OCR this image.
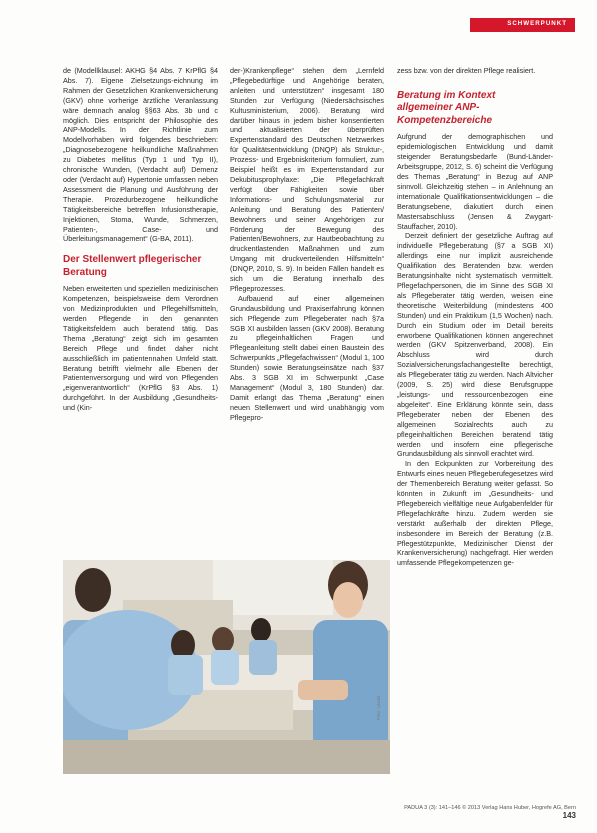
SCHWERPUNKT

de (Modellklausel: AKHG §4 Abs. 7 KrPflG §4 Abs. 7). Eigene Zielsetzungs-eichnung im Rahmen der Gesetzlichen Krankenversicherung (GKV) ohne vorherige ärztliche Veranlassung wäre demnach analog §§63 Abs. 3b und c möglich. Dies entspricht der Philosophie des ANP-Modells. In der Richtlinie zum Modellvorhaben wird folgendes beschrieben: „Diagnosebezogene heilkundliche Maßnahmen zu Diabetes mellitus (Typ 1 und Typ II), chronische Wunden, (Verdacht auf) Demenz oder (Verdacht auf) Hypertonie umfassen neben Assessment die Planung und Ausführung der Therapie. Prozedurbezogene heilkundliche Tätigkeitsbereiche betreffen Infusionstherapie, Injektionen, Stoma, Wunde, Schmerzen, Patienten-, Case- und Überleitungsmanagement“ (G-BA, 2011).

Der Stellenwert pflegerischer Beratung

Neben erweiterten und speziellen medizinischen Kompetenzen, beispielsweise dem Verordnen von Medizinprodukten und Pflegehilfsmitteln, werden Pflegende in den genannten Tätigkeitsfeldern auch beratend tätig. Das Thema „Beratung“ zeigt sich im gesamten Bereich Pflege und findet daher nicht ausschließlich im patientennahen Umfeld statt. Beratung betrifft vielmehr alle Ebenen der Patientenversorgung und wird von Pflegenden „eigenverantwortlich“ (KrPflG §3 Abs. 1) durchgeführt. In der Ausbildung „Gesundheits- und (Kin-

der-)Krankenpflege“ stehen dem „Lernfeld „Pflegebedürftige und Angehörige beraten, anleiten und unterstützen“ insgesamt 180 Stunden zur Verfügung (Niedersächsisches Kultusministerium, 2006). Beratung wird darüber hinaus in jedem bisher konsentierten und aktualisierten der überprüften Expertenstandard des Deutschen Netzwerkes für Qualitätsentwicklung (DNQP) als Struktur-, Prozess- und Ergebniskriterium formuliert, zum Beispiel heißt es im Expertenstandard zur Dekubitusprophylaxe: „Die Pflegefachkraft verfügt über Fähigkeiten sowie über Informations- und Schulungsmaterial zur Anleitung und Beratung des Patienten/ Bewohners und seiner Angehörigen zur Förderung der Bewegung des Patienten/Bewohners, zur Hautbeobachtung zu druckentlastenden Maßnahmen und zum Umgang mit druckverteilenden Hilfsmitteln“ (DNQP, 2010, S. 9). In beiden Fällen handelt es sich um die Beratung innerhalb des Pflegeprozesses.

Aufbauend auf einer allgemeinen Grundausbildung und Praxiserfahrung können sich Pflegende zum Pflegeberater nach §7a SGB XI ausbilden lassen (GKV 2008). Beratung zu pflegeinhaltlichen Fragen und Pflegeanleitung stellt dabei einen Baustein des Schwerpunkts „Pflegefachwissen“ (Modul 1, 100 Stunden) sowie Beratungseinsätze nach §37 Abs. 3 SGB XI im Schwerpunkt „Case Management“ (Modul 3, 180 Stunden) dar. Damit erlangt das Thema „Beratung“ einen neuen Stellenwert und wird unabhängig vom Pflegepro-

zess bzw. von der direkten Pflege realisiert.

Beratung im Kontext allgemeiner ANP-Kompetenzbereiche

Aufgrund der demographischen und epidemiologischen Entwicklung und damit steigender Beratungsbedarfe (Bund-Länder-Arbeitsgruppe, 2012, S. 6) scheint die Verfügung des Themas „Beratung“ in Bezug auf ANP sinnvoll. Gleichzeitig stehen – in Anlehnung an internationale Qualifikationsentwicklungen – die Beratungsebene, diakutiert durch einen Mastersabschluss (Jensen & Zwygart-Stauffacher, 2010).

Derzeit definiert der gesetzliche Auftrag auf individuelle Pflegeberatung (§7 a SGB XI) allerdings eine nur implizit ausreichende Qualifikation des Beratenden bzw. werden Beratungsinhalte nicht systematisch vermittelt. Pflegefachpersonen, die im Sinne des SGB XI als Pflegeberater tätig werden, weisen eine theoretische Weiterbildung (mindestens 400 Stunden) und ein Praktikum (1,5 Wochen) nach. Durch ein Studium oder im Detail bereits erworbene Qualifikationen können angerechnet werden (GKV Spitzenverband, 2008). Ein Abschluss wird durch Sozialversicherungsfachangestellte berechtigt, als Pflegeberater tätig zu werden. Nach Altvicher (2009, S. 25) wird diese Berufsgruppe „leistungs- und ressourcenbezogen eine abgeleitet“. Eine Erklärung könnte sein, dass Pflegeberater neben der Ebenen des allgemeinen Sozialrechts auch zu pflegeinhaltlichen Bereichen beratend tätig werden und insofern eine pflegerische Grundausbildung als sinnvoll erachtet wird.

In den Eckpunkten zur Vorbereitung des Entwurfs eines neuen Pflegeberufegesetzes wird der Themenbereich Beratung weiter gefasst. So könnten in Zukunft im „Gesundheits- und Pflegebereich vielfältige neue Aufgabenfelder für Pflegefachkräfte hinzu. Zudem werden sie verstärkt außerhalb der direkten Pflege, insbesondere im Bereich der Beratung (z.B. Pflegestützpunkte, Medizinischer Dienst der Krankenversicherung) nachgefragt. Hier werden umfassende Pflegekompetenzen ge-

Foto: Ursula
PADUA 3 (3): 141–146 © 2013 Verlag Hans Huber, Hogrefe AG, Bern 143
